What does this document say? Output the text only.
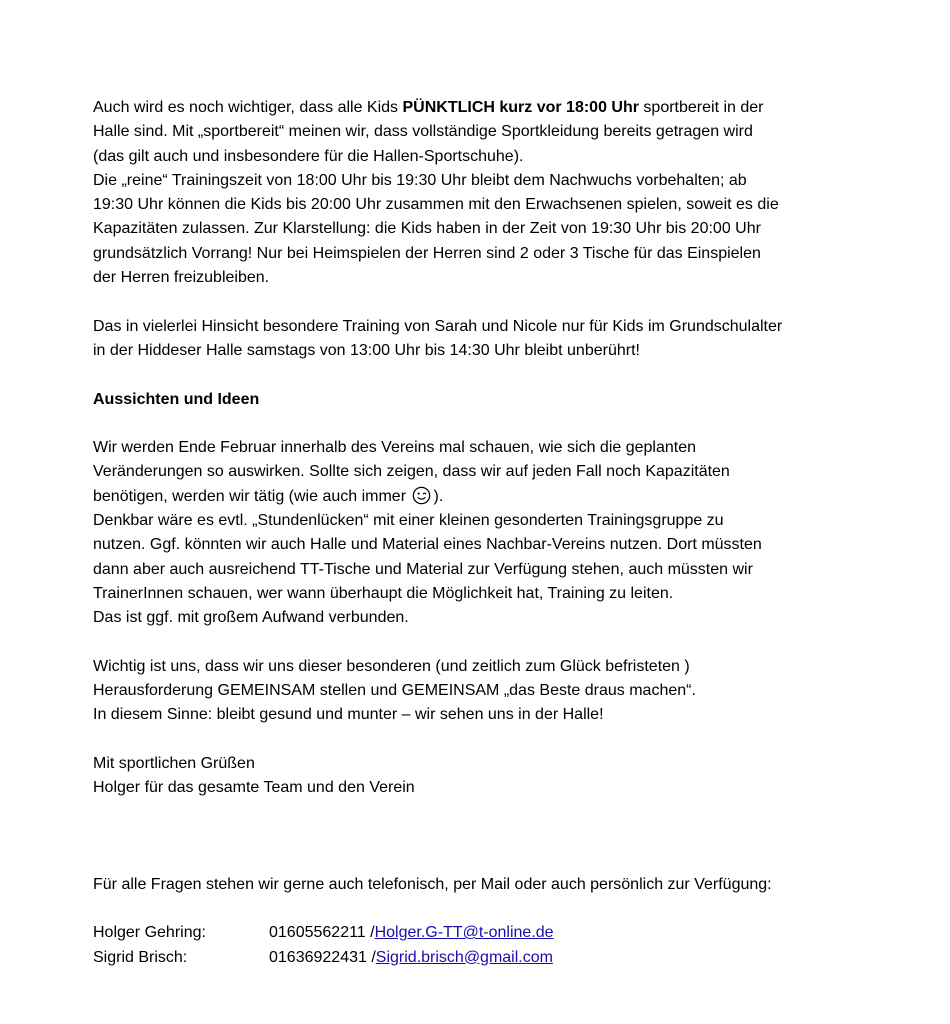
Auch wird es noch wichtiger, dass alle Kids PÜNKTLICH kurz vor 18:00 Uhr sportbereit in der
Halle sind. Mit „sportbereit“ meinen wir, dass vollständige Sportkleidung bereits getragen wird
(das gilt auch und insbesondere für die Hallen-Sportschuhe).
Die „reine“ Trainingszeit von 18:00 Uhr bis 19:30 Uhr bleibt dem Nachwuchs vorbehalten; ab
19:30 Uhr können die Kids bis 20:00 Uhr zusammen mit den Erwachsenen spielen, soweit es die
Kapazitäten zulassen. Zur Klarstellung: die Kids haben in der Zeit von 19:30 Uhr bis 20:00 Uhr
grundsätzlich Vorrang! Nur bei Heimspielen der Herren sind 2 oder 3 Tische für das Einspielen
der Herren freizubleiben.

Das in vielerlei Hinsicht besondere Training von Sarah und Nicole nur für Kids im Grundschulalter
in der Hiddeser Halle samstags von 13:00 Uhr bis 14:30 Uhr bleibt unberührt!

Aussichten und Ideen

Wir werden Ende Februar innerhalb des Vereins mal schauen, wie sich die geplanten
Veränderungen so auswirken. Sollte sich zeigen, dass wir auf jeden Fall noch Kapazitäten
benötigen, werden wir tätig (wie auch immer ).
Denkbar wäre es evtl. „Stundenlücken“ mit einer kleinen gesonderten Trainingsgruppe zu
nutzen. Ggf. könnten wir auch Halle und Material eines Nachbar-Vereins nutzen. Dort müssten
dann aber auch ausreichend TT-Tische und Material zur Verfügung stehen, auch müssten wir
TrainerInnen schauen, wer wann überhaupt die Möglichkeit hat, Training zu leiten.
Das ist ggf. mit großem Aufwand verbunden.

Wichtig ist uns, dass wir uns dieser besonderen (und zeitlich zum Glück befristeten )
Herausforderung GEMEINSAM stellen und GEMEINSAM „das Beste draus machen“.
In diesem Sinne: bleibt gesund und munter – wir sehen uns in der Halle!

Mit sportlichen Grüßen
Holger für das gesamte Team und den Verein

Für alle Fragen stehen wir gerne auch telefonisch, per Mail oder auch persönlich zur Verfügung:

Holger Gehring:	01605562211 / Holger.G-TT@t-online.de
Sigrid Brisch:	01636922431 / Sigrid.brisch@gmail.com
